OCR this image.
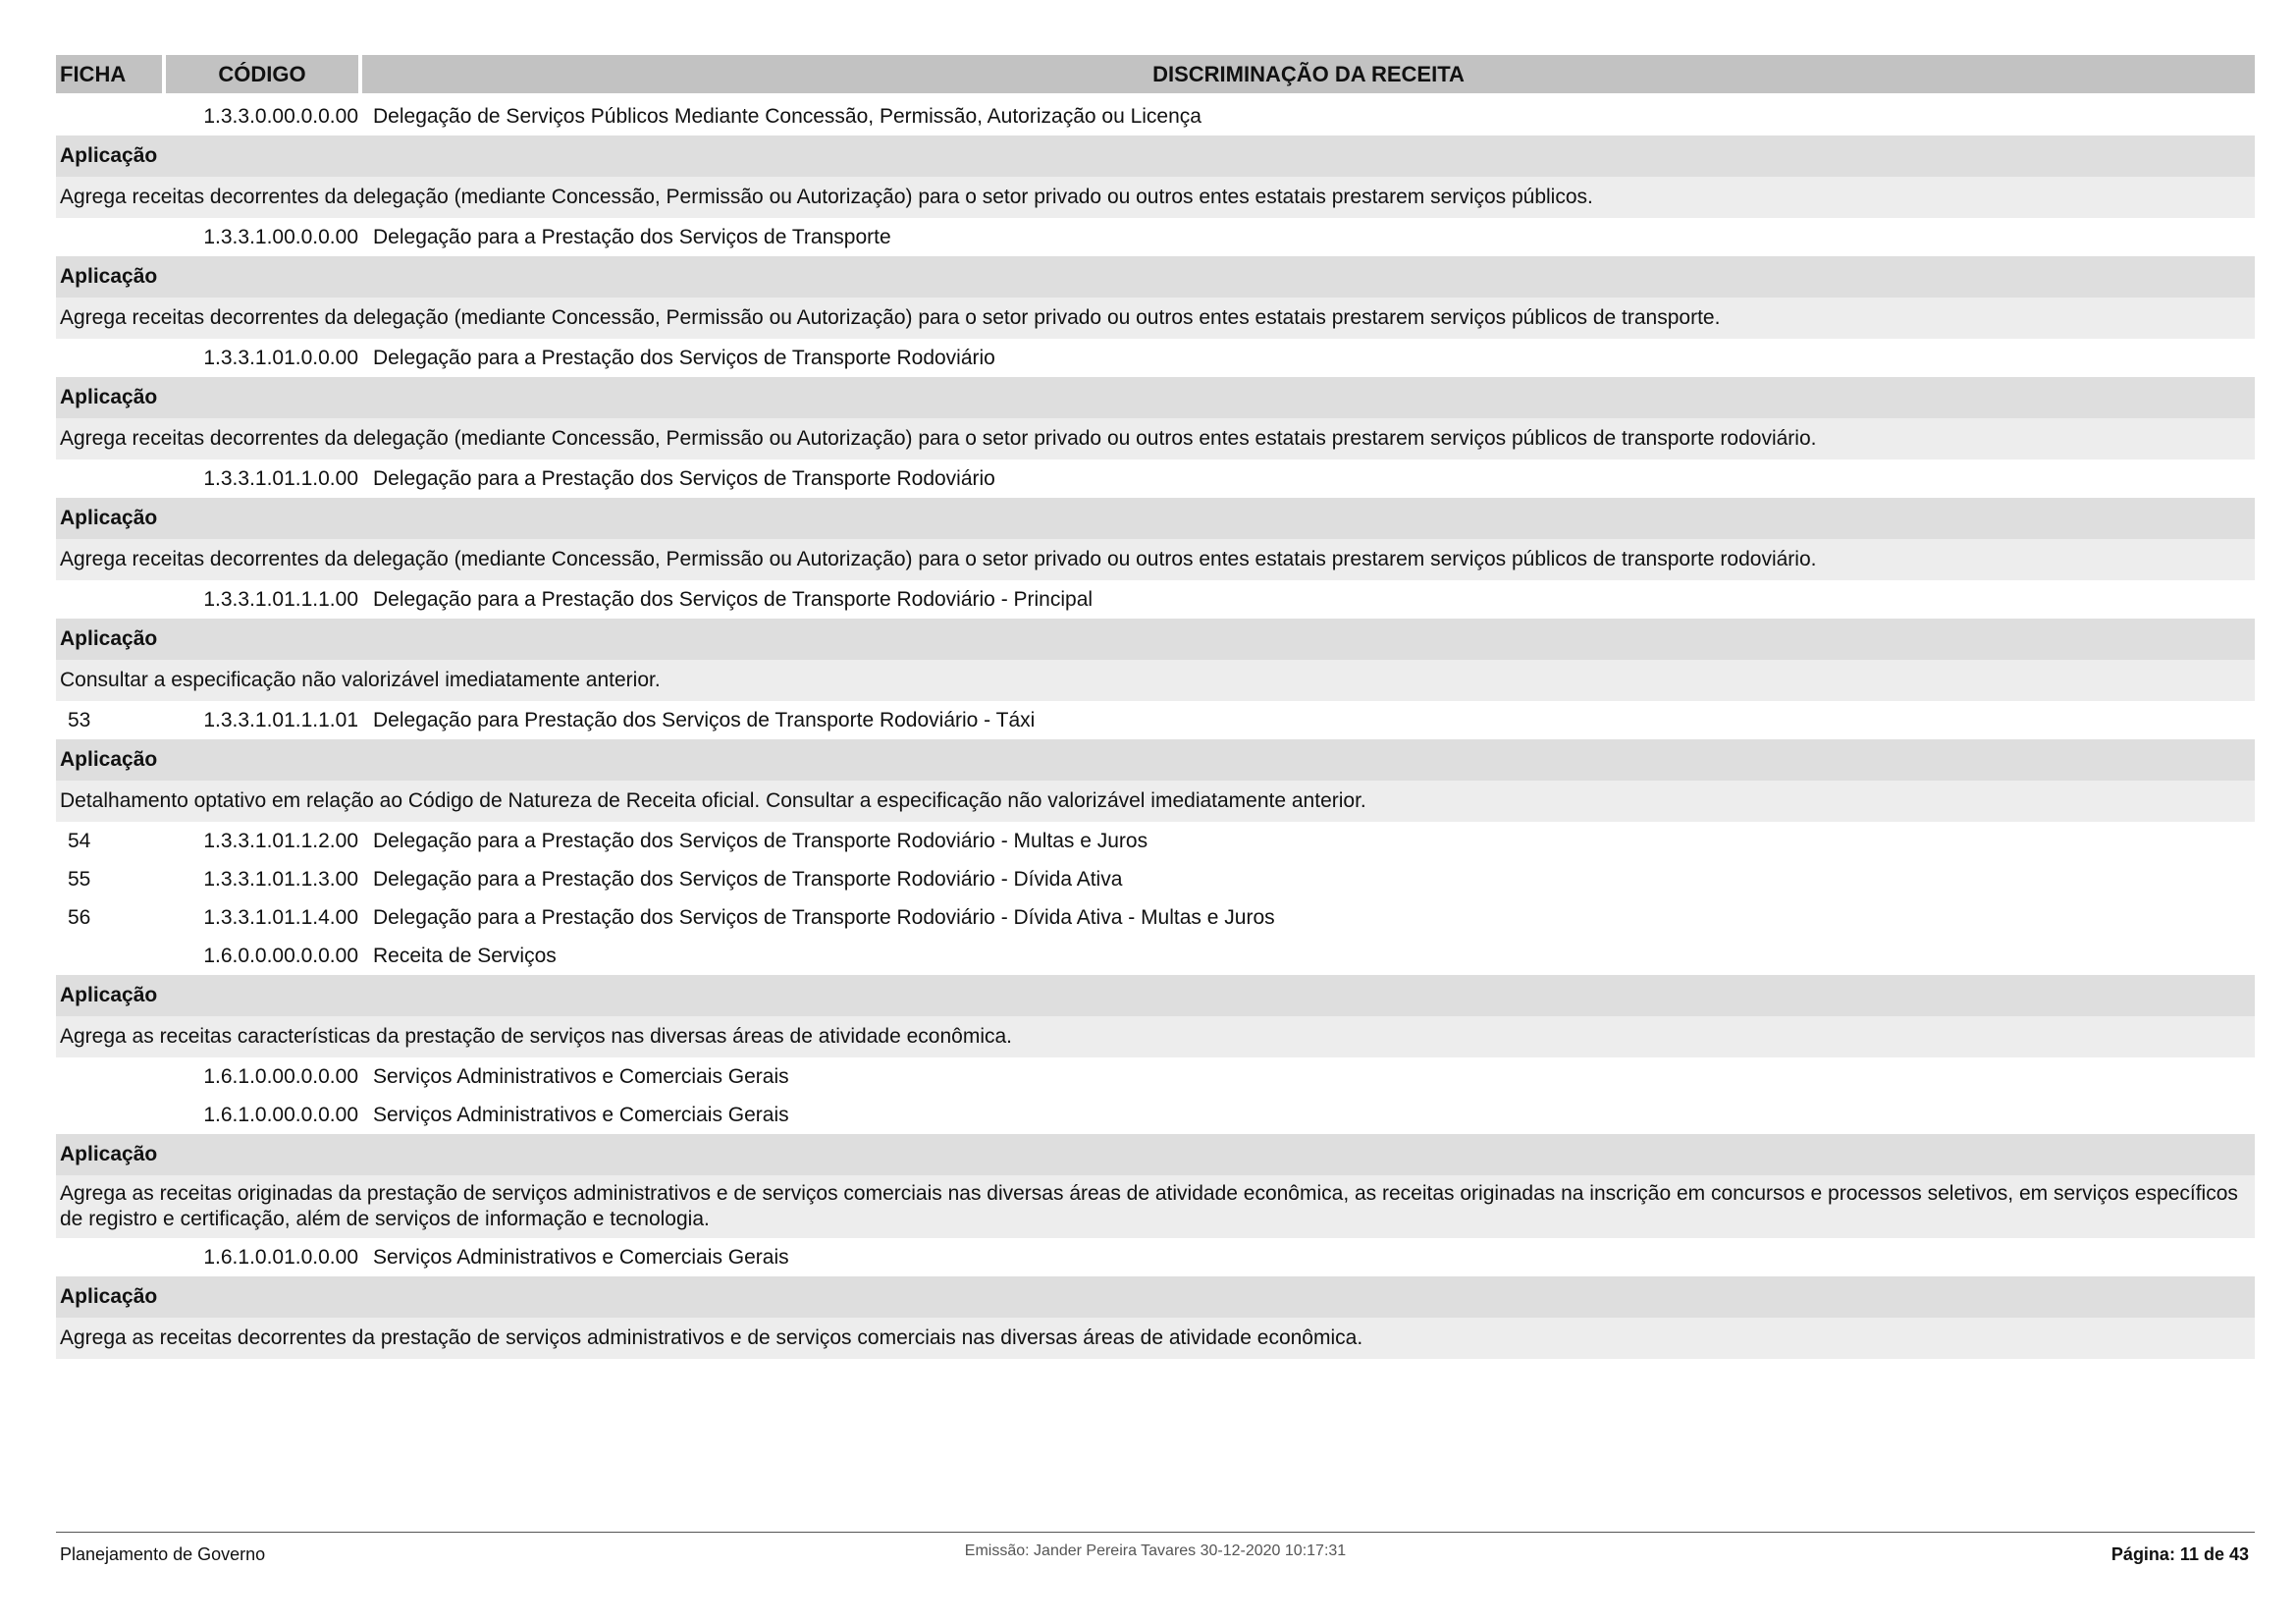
FICHA	CÓDIGO	DISCRIMINAÇÃO DA RECEITA
1.3.3.0.00.0.0.00 Delegação de Serviços Públicos Mediante Concessão, Permissão, Autorização ou Licença
Aplicação
Agrega receitas decorrentes da delegação (mediante Concessão, Permissão ou Autorização) para o setor privado ou outros entes estatais prestarem serviços públicos.
1.3.3.1.00.0.0.00 Delegação para a Prestação dos Serviços de Transporte
Aplicação
Agrega receitas decorrentes da delegação (mediante Concessão, Permissão ou Autorização) para o setor privado ou outros entes estatais prestarem serviços públicos de transporte.
1.3.3.1.01.0.0.00 Delegação para a Prestação dos Serviços de Transporte Rodoviário
Aplicação
Agrega receitas decorrentes da delegação (mediante Concessão, Permissão ou Autorização) para o setor privado ou outros entes estatais prestarem serviços públicos de transporte rodoviário.
1.3.3.1.01.1.0.00 Delegação para a Prestação dos Serviços de Transporte Rodoviário
Aplicação
Agrega receitas decorrentes da delegação (mediante Concessão, Permissão ou Autorização) para o setor privado ou outros entes estatais prestarem serviços públicos de transporte rodoviário.
1.3.3.1.01.1.1.00 Delegação para a Prestação dos Serviços de Transporte Rodoviário - Principal
Aplicação
Consultar a especificação não valorizável imediatamente anterior.
53	1.3.3.1.01.1.1.01 Delegação para Prestação dos Serviços de Transporte Rodoviário - Táxi
Aplicação
Detalhamento optativo em relação ao Código de Natureza de Receita oficial. Consultar a especificação não valorizável imediatamente anterior.
54	1.3.3.1.01.1.2.00 Delegação para a Prestação dos Serviços de Transporte Rodoviário - Multas e Juros
55	1.3.3.1.01.1.3.00 Delegação para a Prestação dos Serviços de Transporte Rodoviário - Dívida Ativa
56	1.3.3.1.01.1.4.00 Delegação para a Prestação dos Serviços de Transporte Rodoviário - Dívida Ativa - Multas e Juros
1.6.0.0.00.0.0.00 Receita de Serviços
Aplicação
Agrega as receitas características da prestação de serviços nas diversas áreas de atividade econômica.
1.6.1.0.00.0.0.00 Serviços Administrativos e Comerciais Gerais
1.6.1.0.00.0.0.00 Serviços Administrativos e Comerciais Gerais
Aplicação
Agrega as receitas originadas da prestação de serviços administrativos e de serviços comerciais nas diversas áreas de atividade econômica, as receitas originadas na inscrição em concursos e processos seletivos, em serviços específicos de registro e certificação, além de serviços de informação e tecnologia.
1.6.1.0.01.0.0.00 Serviços Administrativos e Comerciais Gerais
Aplicação
Agrega as receitas decorrentes da prestação de serviços administrativos e de serviços comerciais nas diversas áreas de atividade econômica.
Planejamento de Governo	Emissão: Jander Pereira Tavares 30-12-2020 10:17:31	Página: 11 de 43
